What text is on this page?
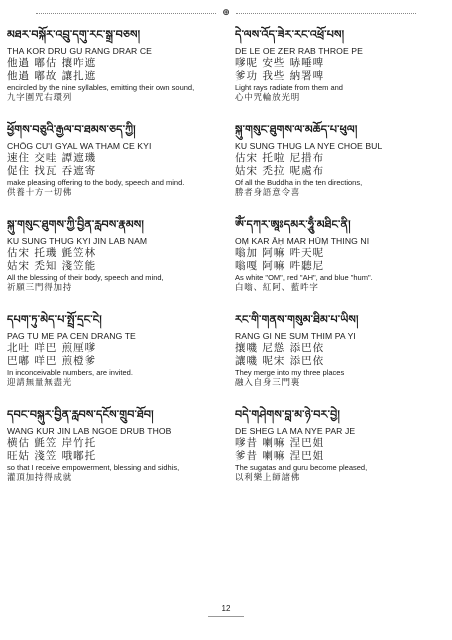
⊕
མཐར་བསྐོར་འབྲུ་དགུ་རང་སྒྲ་བཅས།
THA KOR DRU GU RANG DRAR CE
他過 嘟估 攘咋遮
他過 嘟故 讓扎遮
encircled by the nine syllables, emitting their own sound,
九字圍咒右環列
ཕྱོགས་བཅུའི་རྒྱལ་བ་ཐམས་ཅད་ཀྱི།
CHÖG CU'I GYAL WA THAM CE KYI
速住 交哇 譚遮璣
促住 找瓦 吞遮寄
make pleasing offering to the body, speech and mind.
供養十方一切佛
སྐུ་གསུང་ཐུགས་ཀྱི་བྱིན་རླབས་རྣམས།
KU SUNG THUG KYI JIN LAB NAM
估宋 托璣 氈笠林
姑宋 禿知 淺笠能
All the blessing of their body, speech and mind,
祈願三門得加持
དཔག་ཏུ་མེད་པ་སྤྲོ་དྲང་ངེ།
PAG TU ME PA CEN DRANG TE
北吐 咩巴 煎厘嗲
巴嘟 咩巴 煎橙爹
In inconceivable numbers, are invited.
迎請無量無盡光
དབང་བསྐུར་བྱིན་རླབས་དངོས་གྲུབ་ཐོབ།
WANG KUR JIN LAB NGOE DRUB THOB
横估 氈笠 岸竹托
旺姑 淺笠 哦嘟托
so that I receive empowerment, blessing and sidhis,
灌頂加持得成就
དེ་ལས་འོད་ཟེར་རང་འཕྲོ་པས།
DE LE OE ZER RAB THROE PE
嗲呢 安些 哧唾啤
爹功 我些 納署啤
Light rays radiate from them and
心中咒輪放光明
སྐུ་གསུང་ཐུགས་ལ་མཆོད་པ་ཕུལ།
KU SUNG THUG LA NYE CHOE BUL
估宋 托啦 尼措布
姑宋 禿拉 呢處布
Of all the Buddha in the ten directions,
勝者身語意令喜
ཨོཾ་དཀར་ཨཱཿདམར་ཧཱུྃ་མཐིང་ནི།
OṂ KAR ĀḤ MAR HŪṂ THING NI
嗡加 阿嘛 吽天呢
嗡嘎 阿嘛 吽聽尼
As white "OM", red "AH", and blue "hum".
白嗡、紅阿、藍吽字
རང་གི་གནས་གསུམ་ཐིམ་པ་ཡིས།
RANG GI NE SUM THIM PA YI
攘嘰 尼慫 添巴依
讓嘰 呢宋 添巴依
They merge into my three places
融入自身三門裏
བདེ་གཤེགས་བླ་མ་ཉེ་བར་བྱེ།
DE SHEG LA MA NYE PAR JE
嗲昔 喇嘛 涅巴姐
爹昔 喇嘛 涅巴姐
The sugatas and guru become pleased,
以利樂上師諸佛
12
